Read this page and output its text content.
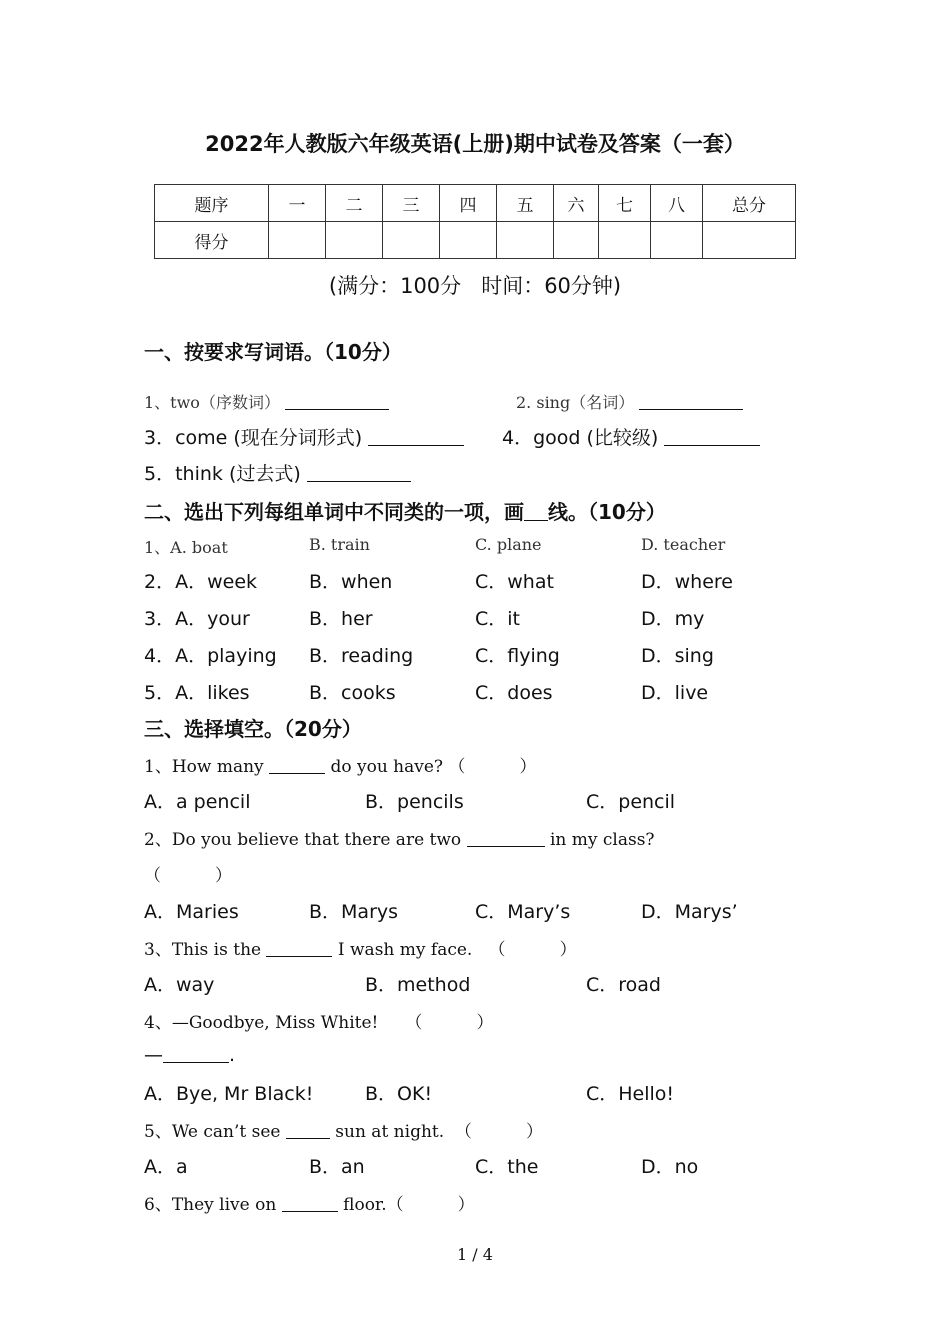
2022年人教版六年级英语(上册)期中试卷及答案（一套）
题序	一	二	三	四	五	六	七	八	总分
得分									
(满分：100分   时间：60分钟)
一、按要求写词语。（10分）
1、two（序数词）	2. sing（名词）
3．come (现在分词形式)	4．good (比较级)
5．think (过去式)
二、选出下列每组单词中不同类的一项，画 线。（10分）
1、A. boat	B. train	C. plane	D. teacher
2．A．week	B．when	C．what	D．where
3．A．your	B．her	C．it	D．my
4．A．playing B．reading	C．flying	D．sing
5．A．likes	B．cooks	C．does	D．live
三、选择填空。（20分）
1、How many	do you have? （          ）
A．a pencil	B．pencils	C．pencil
2、Do you believe that there are two	in my class?
（          ）
A．Maries	B．Marys	C．Mary’s	D．Marys’
3、This is the	I wash my face.   （          ）
A．way	B．method	C．road
4、—Goodbye, Miss White!     （          ）
—	.
A．Bye, Mr Black!	B．OK!	C．Hello!
5、We can’t see	sun at night.  （          ）
A．a	B．an	C．the	D．no
6、They live on	floor.（          ）
1 / 4
